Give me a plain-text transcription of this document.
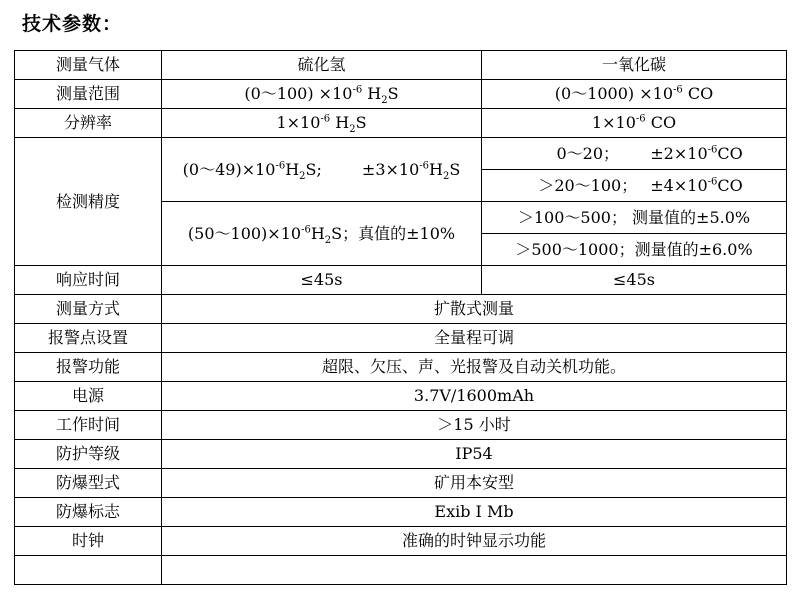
技术参数：
测量气体	硫化氢	一氧化碳
测量范围	(0～100) $\times 10^{-6}$ $H_2S$	(0～1000) $\times 10^{-6}$ CO
分辨率	$1\times 10^{-6}$ $H_2S$	$1\times 10^{-6}$ CO
检测精度	$(0\sim 49)\times 10^{-6}H_2S$; $\pm 3\times 10^{-6}H_2S$	0～20； $\pm 2\times 10^{-6}CO$
		＞20～100； $\pm 4\times 10^{-6}CO$
	$(50\sim 100)\times 10^{-6}H_2S$；真值的±10%	＞100～500； 测量值的±5.0%
		＞500～1000；测量值的±6.0%
响应时间	≤45s	≤45s
测量方式	扩散式测量	
报警点设置	全量程可调	
报警功能	超限、欠压、声、光报警及自动关机功能。	
电源	3.7V/1600mAh	
工作时间	＞15 小时	
防护等级	IP54	
防爆型式	矿用本安型	
防爆标志	Exib I Mb	
时钟	准确的时钟显示功能	
